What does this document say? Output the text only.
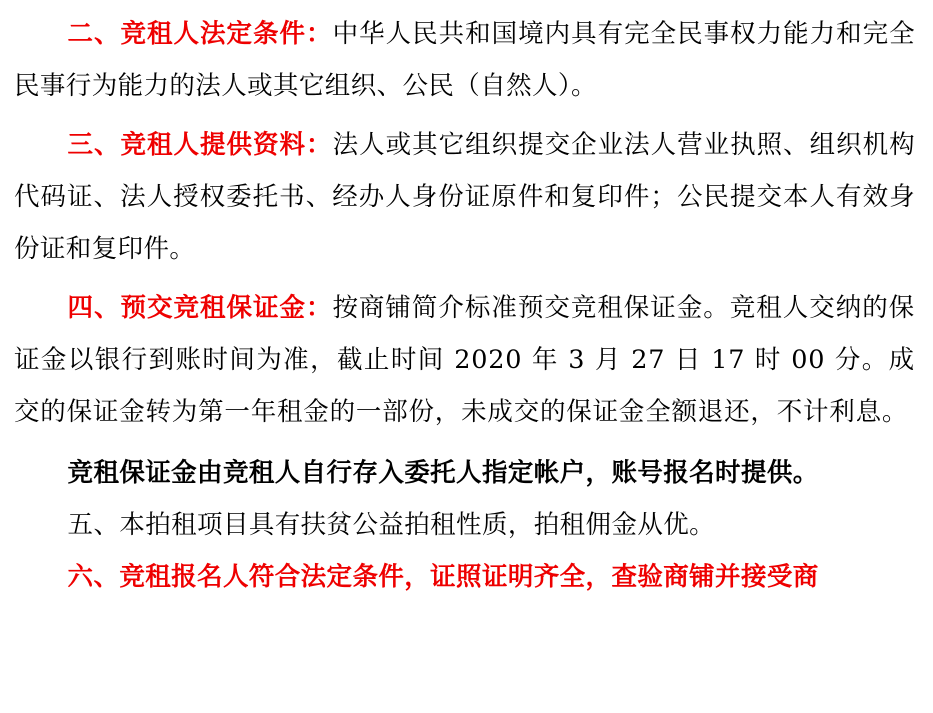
二、竞租人法定条件：中华人民共和国境内具有完全民事权力能力和完全民事行为能力的法人或其它组织、公民（自然人）。

三、竞租人提供资料：法人或其它组织提交企业法人营业执照、组织机构代码证、法人授权委托书、经办人身份证原件和复印件；公民提交本人有效身份证和复印件。

四、预交竞租保证金：按商铺简介标准预交竞租保证金。竞租人交纳的保证金以银行到账时间为准，截止时间 2020 年 3 月 27 日 17 时 00 分。成交的保证金转为第一年租金的一部份，未成交的保证金全额退还，不计利息。

竞租保证金由竞租人自行存入委托人指定帐户，账号报名时提供。

五、本拍租项目具有扶贫公益拍租性质，拍租佣金从优。

六、竞租报名人符合法定条件，证照证明齐全，查验商铺并接受商
